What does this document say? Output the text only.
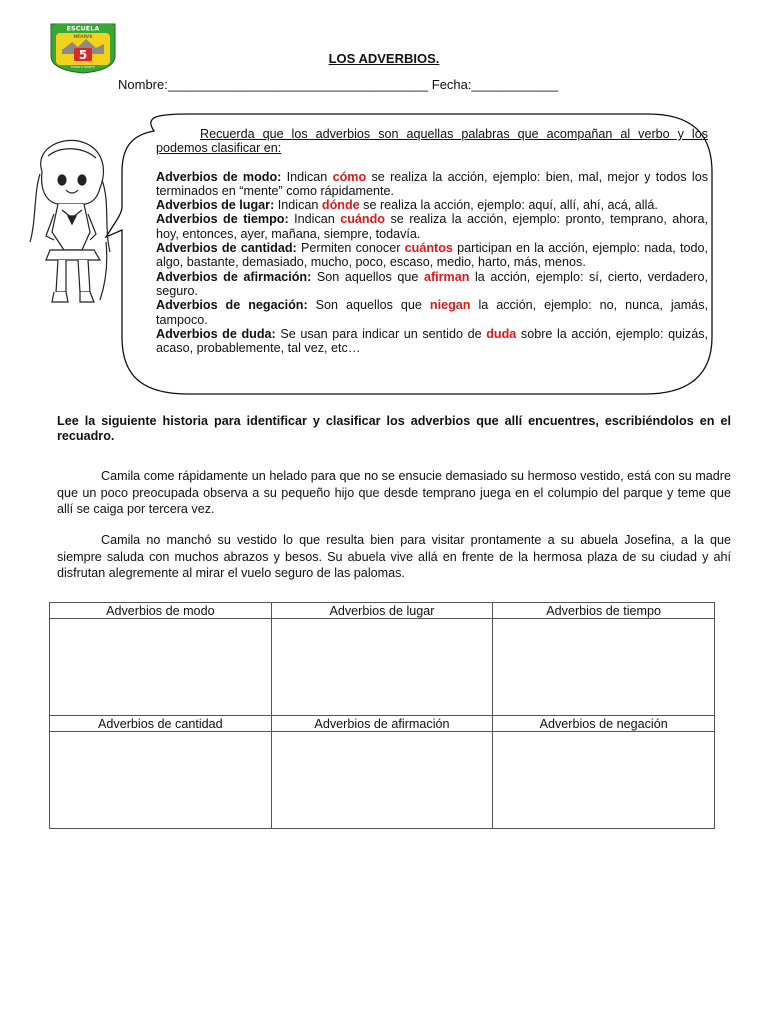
ESCUELA
MIRAMAR
5
PUERTO MONTT
LOS ADVERBIOS.
Nombre:____________________________________ Fecha:____________

Recuerda que los adverbios son aquellas palabras que acompañan al verbo y los podemos clasificar en:

Adverbios de modo: Indican cómo se realiza la acción, ejemplo: bien, mal, mejor y todos los terminados en “mente” como rápidamente.

Adverbios de lugar: Indican dónde se realiza la acción, ejemplo: aquí, allí, ahí, acá, allá.

Adverbios de tiempo: Indican cuándo se realiza la acción, ejemplo: pronto, temprano, ahora, hoy, entonces, ayer, mañana, siempre, todavía.

Adverbios de cantidad: Permiten conocer cuántos participan en la acción, ejemplo: nada, todo, algo, bastante, demasiado, mucho, poco, escaso, medio, harto, más, menos.

Adverbios de afirmación: Son aquellos que afirman la acción, ejemplo: sí, cierto, verdadero, seguro.

Adverbios de negación: Son aquellos que niegan la acción, ejemplo: no, nunca, jamás, tampoco.

Adverbios de duda: Se usan para indicar un sentido de duda sobre la acción, ejemplo: quizás, acaso, probablemente, tal vez, etc…

Lee la siguiente historia para identificar y clasificar los adverbios que allí encuentres, escribiéndolos en el recuadro.
Camila come rápidamente un helado para que no se ensucie demasiado su hermoso vestido, está con su madre que un poco preocupada observa a su pequeño hijo que desde temprano juega en el columpio del parque y teme que allí se caiga por tercera vez.
Camila no manchó su vestido lo que resulta bien para visitar prontamente a su abuela Josefina, a la que siempre saluda con muchos abrazos y besos. Su abuela vive allá en frente de la hermosa plaza de su ciudad y ahí disfrutan alegremente al mirar el vuelo seguro de las palomas.
Adverbios de modo	Adverbios de lugar	Adverbios de tiempo

Adverbios de cantidad	Adverbios de afirmación	Adverbios de negación
